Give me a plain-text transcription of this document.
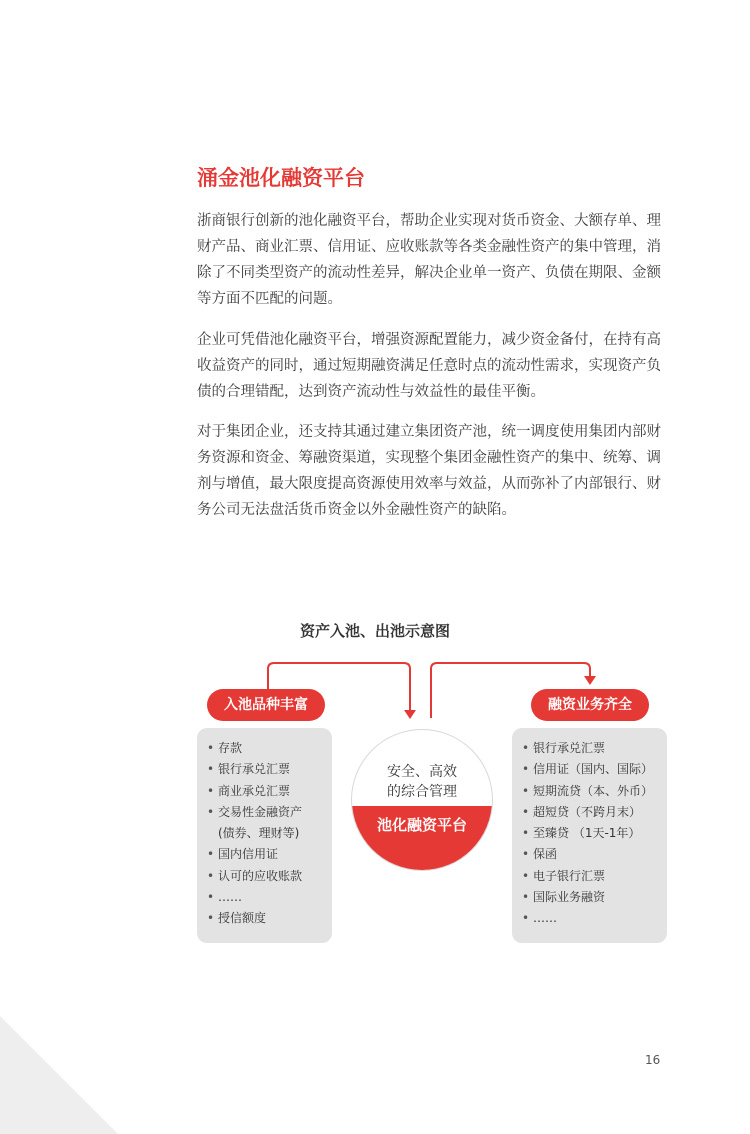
涌金池化融资平台

浙商银行创新的池化融资平台，帮助企业实现对货币资金、大额存单、理财产品、商业汇票、信用证、应收账款等各类金融性资产的集中管理，消除了不同类型资产的流动性差异，解决企业单一资产、负债在期限、金额等方面不匹配的问题。

企业可凭借池化融资平台，增强资源配置能力，减少资金备付，在持有高收益资产的同时，通过短期融资满足任意时点的流动性需求，实现资产负债的合理错配，达到资产流动性与效益性的最佳平衡。

对于集团企业，还支持其通过建立集团资产池，统一调度使用集团内部财务资源和资金、筹融资渠道，实现整个集团金融性资产的集中、统筹、调剂与增值，最大限度提高资源使用效率与效益，从而弥补了内部银行、财务公司无法盘活货币资金以外金融性资产的缺陷。

资产入池、出池示意图
入池品种丰富	融资业务齐全
• 存款
• 银行承兑汇票
• 商业承兑汇票
• 交易性金融资产
(债券、理财等)
• 国内信用证
• 认可的应收账款
• ……
• 授信额度
• 银行承兑汇票
• 信用证（国内、国际）
• 短期流贷（本、外币）
• 超短贷（不跨月末）
• 至臻贷 （1天-1年）
• 保函
• 电子银行汇票
• 国际业务融资
• ……
安全、高效
的综合管理
池化融资平台
16
